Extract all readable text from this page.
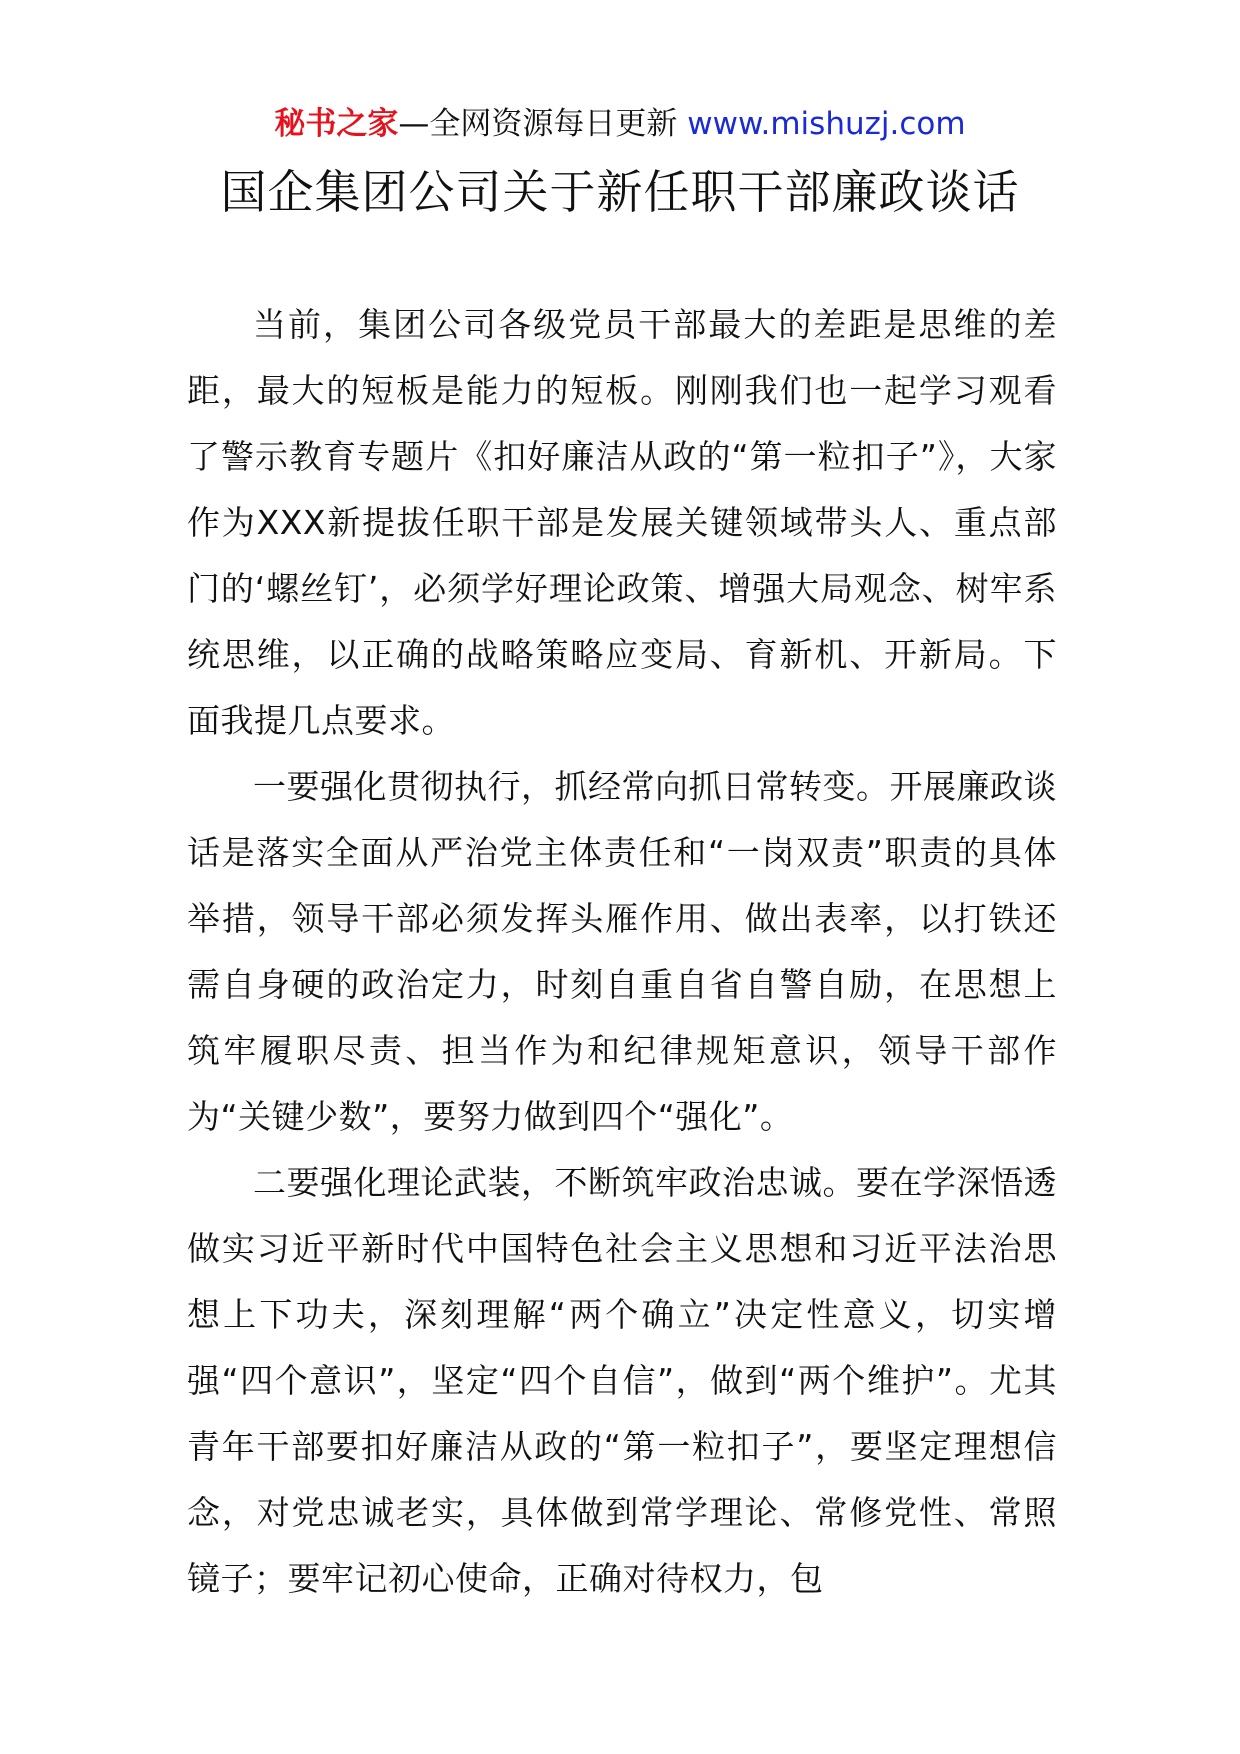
秘书之家—全网资源每日更新 www.mishuzj.com
国企集团公司关于新任职干部廉政谈话

当前，集团公司各级党员干部最大的差距是思维的差距，最大的短板是能力的短板。刚刚我们也一起学习观看了警示教育专题片《扣好廉洁从政的“第一粒扣子”》，大家作为XXX新提拔任职干部是发展关键领域带头人、重点部门的‘螺丝钉’，必须学好理论政策、增强大局观念、树牢系统思维，以正确的战略策略应变局、育新机、开新局。下面我提几点要求。

一要强化贯彻执行，抓经常向抓日常转变。开展廉政谈话是落实全面从严治党主体责任和“一岗双责”职责的具体举措，领导干部必须发挥头雁作用、做出表率，以打铁还需自身硬的政治定力，时刻自重自省自警自励，在思想上筑牢履职尽责、担当作为和纪律规矩意识，领导干部作为“关键少数”，要努力做到四个“强化”。

二要强化理论武装，不断筑牢政治忠诚。要在学深悟透做实习近平新时代中国特色社会主义思想和习近平法治思想上下功夫，深刻理解“两个确立”决定性意义，切实增强“四个意识”，坚定“四个自信”，做到“两个维护”。尤其青年干部要扣好廉洁从政的“第一粒扣子”，要坚定理想信念，对党忠诚老实，具体做到常学理论、常修党性、常照镜子；要牢记初心使命，正确对待权力，包
